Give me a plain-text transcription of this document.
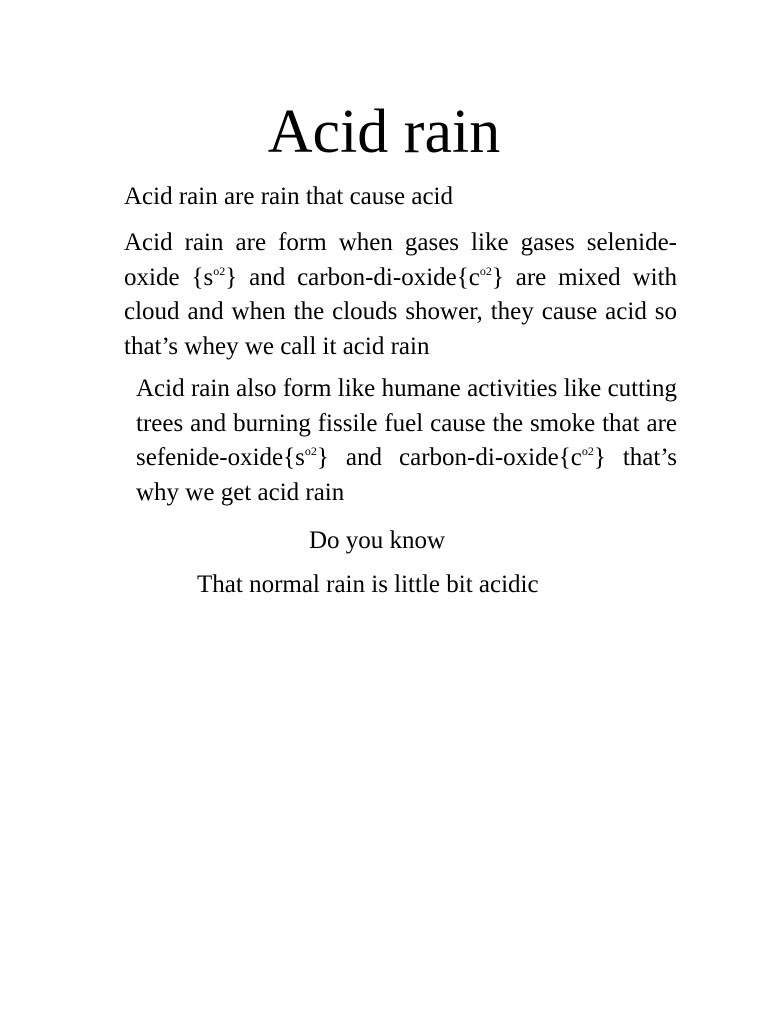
Acid rain

Acid rain are rain that cause acid

Acid rain are form when gases like gases selenide-oxide $\{s^{o2}\}$ and carbon-$di-oxide\{c^{o2}\}$ are mixed with cloud and when the clouds shower, they cause acid so that’s whey we call it acid rain

Acid rain also form like humane activities like cutting trees and burning fissile fuel cause the smoke that are sefenide-$oxide\{s^{o2}\}$ and carbon-$di-oxide\{c^{o2}\}$ that’s why we get acid rain

Do you know

That normal rain is little bit acidic
